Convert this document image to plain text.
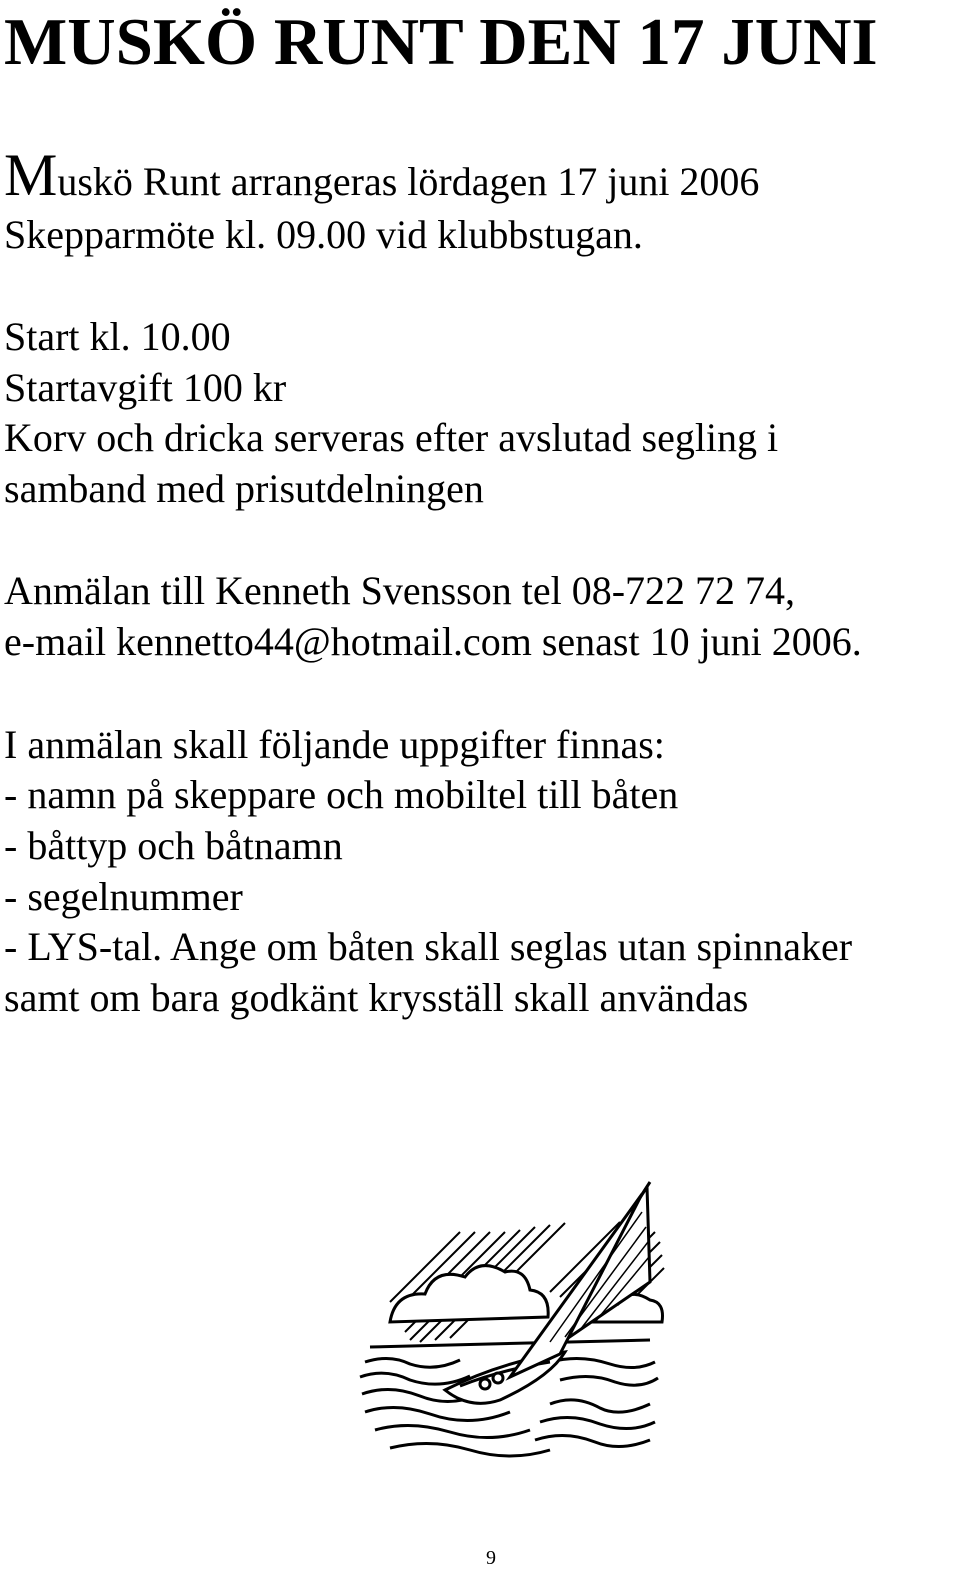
MUSKÖ RUNT DEN 17 JUNI

Muskö Runt arrangeras lördagen 17 juni 2006

Skepparmöte kl. 09.00 vid klubbstugan.

Start kl. 10.00

Startavgift 100 kr

Korv och dricka serveras efter avslutad segling i

samband med prisutdelningen

Anmälan till Kenneth Svensson tel 08-722 72 74,

e-mail kennetto44@hotmail.com senast 10 juni 2006.

I anmälan skall följande uppgifter finnas:

- namn på skeppare och mobiltel till båten

- båttyp och båtnamn

- segelnummer

- LYS-tal. Ange om båten skall seglas utan spinnaker

samt om bara godkänt krysställ skall användas

9
